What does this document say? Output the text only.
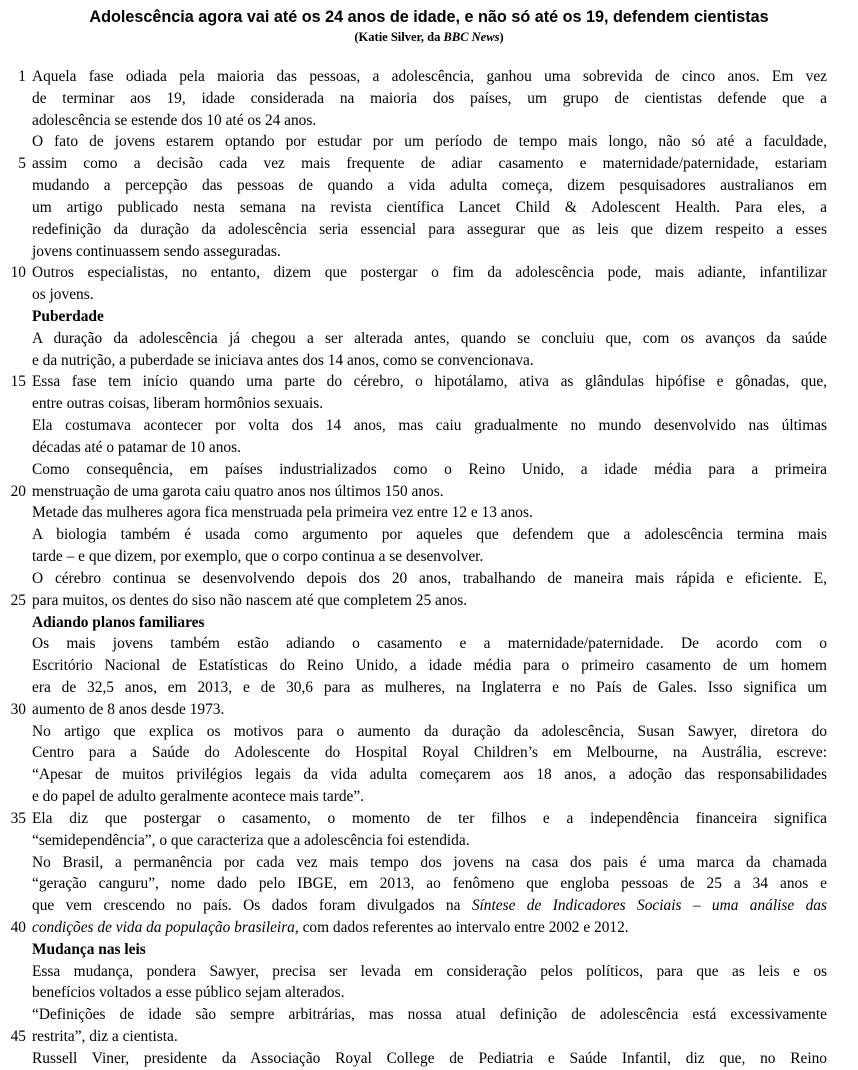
Adolescência agora vai até os 24 anos de idade, e não só até os 19, defendem cientistas
(Katie Silver, da BBC News)
Aquela fase odiada pela maioria das pessoas, a adolescência, ganhou uma sobrevida de cinco anos. Em vez
de terminar aos 19, idade considerada na maioria dos países, um grupo de cientistas defende que a
adolescência se estende dos 10 até os 24 anos.
O fato de jovens estarem optando por estudar por um período de tempo mais longo, não só até a faculdade,
assim como a decisão cada vez mais frequente de adiar casamento e maternidade/paternidade, estariam
mudando a percepção das pessoas de quando a vida adulta começa, dizem pesquisadores australianos em
um artigo publicado nesta semana na revista científica Lancet Child & Adolescent Health. Para eles, a
redefinição da duração da adolescência seria essencial para assegurar que as leis que dizem respeito a esses
jovens continuassem sendo asseguradas.
Outros especialistas, no entanto, dizem que postergar o fim da adolescência pode, mais adiante, infantilizar
os jovens.
Puberdade
A duração da adolescência já chegou a ser alterada antes, quando se concluiu que, com os avanços da saúde
e da nutrição, a puberdade se iniciava antes dos 14 anos, como se convencionava.
Essa fase tem início quando uma parte do cérebro, o hipotálamo, ativa as glândulas hipófise e gônadas, que,
entre outras coisas, liberam hormônios sexuais.
Ela costumava acontecer por volta dos 14 anos, mas caiu gradualmente no mundo desenvolvido nas últimas
décadas até o patamar de 10 anos.
Como consequência, em países industrializados como o Reino Unido, a idade média para a primeira
menstruação de uma garota caiu quatro anos nos últimos 150 anos.
Metade das mulheres agora fica menstruada pela primeira vez entre 12 e 13 anos.
A biologia também é usada como argumento por aqueles que defendem que a adolescência termina mais
tarde – e que dizem, por exemplo, que o corpo continua a se desenvolver.
O cérebro continua se desenvolvendo depois dos 20 anos, trabalhando de maneira mais rápida e eficiente. E,
para muitos, os dentes do siso não nascem até que completem 25 anos.
Adiando planos familiares
Os mais jovens também estão adiando o casamento e a maternidade/paternidade. De acordo com o
Escritório Nacional de Estatísticas do Reino Unido, a idade média para o primeiro casamento de um homem
era de 32,5 anos, em 2013, e de 30,6 para as mulheres, na Inglaterra e no País de Gales. Isso significa um
aumento de 8 anos desde 1973.
No artigo que explica os motivos para o aumento da duração da adolescência, Susan Sawyer, diretora do
Centro para a Saúde do Adolescente do Hospital Royal Children’s em Melbourne, na Austrália, escreve:
“Apesar de muitos privilégios legais da vida adulta começarem aos 18 anos, a adoção das responsabilidades
e do papel de adulto geralmente acontece mais tarde”.
Ela diz que postergar o casamento, o momento de ter filhos e a independência financeira significa
“semidependência”, o que caracteriza que a adolescência foi estendida.
No Brasil, a permanência por cada vez mais tempo dos jovens na casa dos pais é uma marca da chamada
“geração canguru”, nome dado pelo IBGE, em 2013, ao fenômeno que engloba pessoas de 25 a 34 anos e
que vem crescendo no país. Os dados foram divulgados na Síntese de Indicadores Sociais – uma análise das
condições de vida da população brasileira, com dados referentes ao intervalo entre 2002 e 2012.
Mudança nas leis
Essa mudança, pondera Sawyer, precisa ser levada em consideração pelos políticos, para que as leis e os
benefícios voltados a esse público sejam alterados.
“Definições de idade são sempre arbitrárias, mas nossa atual definição de adolescência está excessivamente
restrita”, diz a cientista.
Russell Viner, presidente da Associação Royal College de Pediatria e Saúde Infantil, diz que, no Reino
1
5
10
15
20
25
30
35
40
45
